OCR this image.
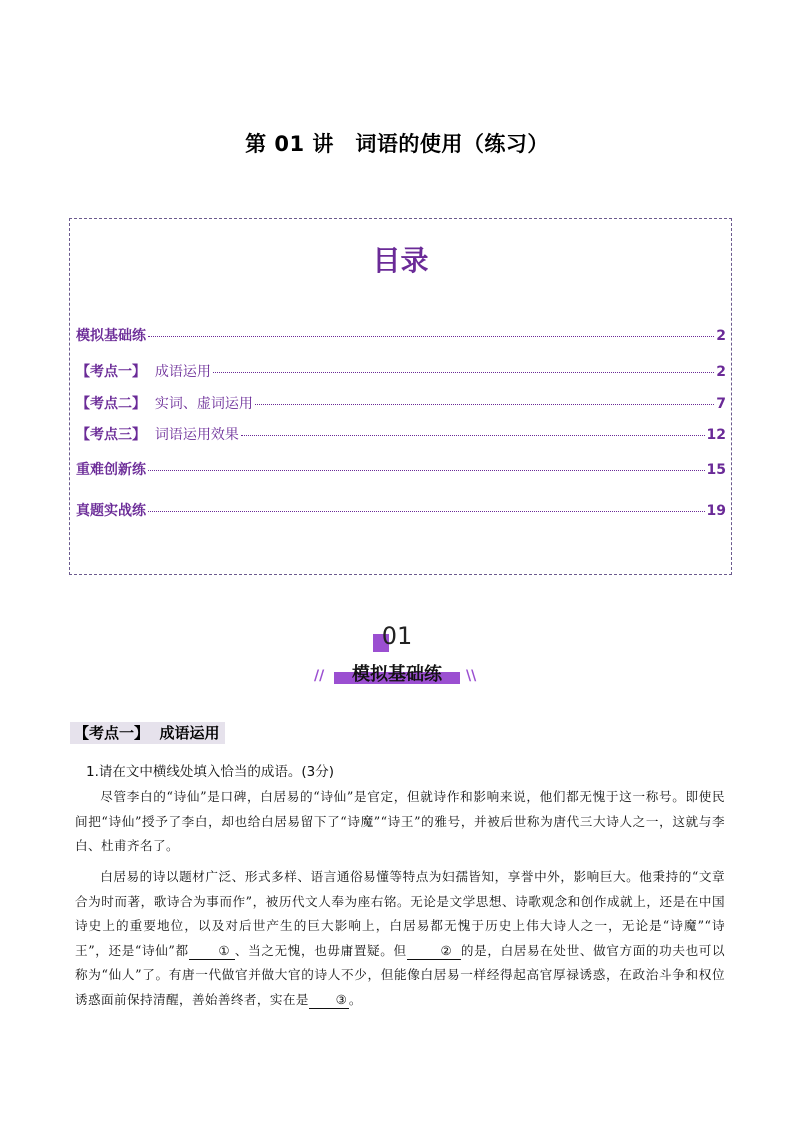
第 01 讲　词语的使用（练习）
目录
模拟基础练	2
【考点一】 成语运用	2
【考点二】 实词、虚词运用	7
【考点三】 词语运用效果	12
重难创新练	15
真题实战练	19
01
//	模拟基础练	\\
【考点一】 成语运用
1.请在文中横线处填入恰当的成语。(3分)
尽管李白的“诗仙”是口碑，白居易的“诗仙”是官定，但就诗作和影响来说，他们都无愧于这一称号。即使民间把“诗仙”授予了李白，却也给白居易留下了“诗魔”“诗王”的雅号，并被后世称为唐代三大诗人之一，这就与李白、杜甫齐名了。
白居易的诗以题材广泛、形式多样、语言通俗易懂等特点为妇孺皆知，享誉中外，影响巨大。他秉持的“文章合为时而著，歌诗合为事而作”，被历代文人奉为座右铭。无论是文学思想、诗歌观念和创作成就上，还是在中国诗史上的重要地位，以及对后世产生的巨大影响上，白居易都无愧于历史上伟大诗人之一，无论是“诗魔”“诗王”，还是“诗仙”都 ① 、当之无愧，也毋庸置疑。但	② 的是，白居易在处世、做官方面的功夫也可以称为“仙人”了。有唐一代做官并做大官的诗人不少，但能像白居易一样经得起高官厚禄诱惑，在政治斗争和权位诱惑面前保持清醒，善始善终者，实在是 ③ 。
